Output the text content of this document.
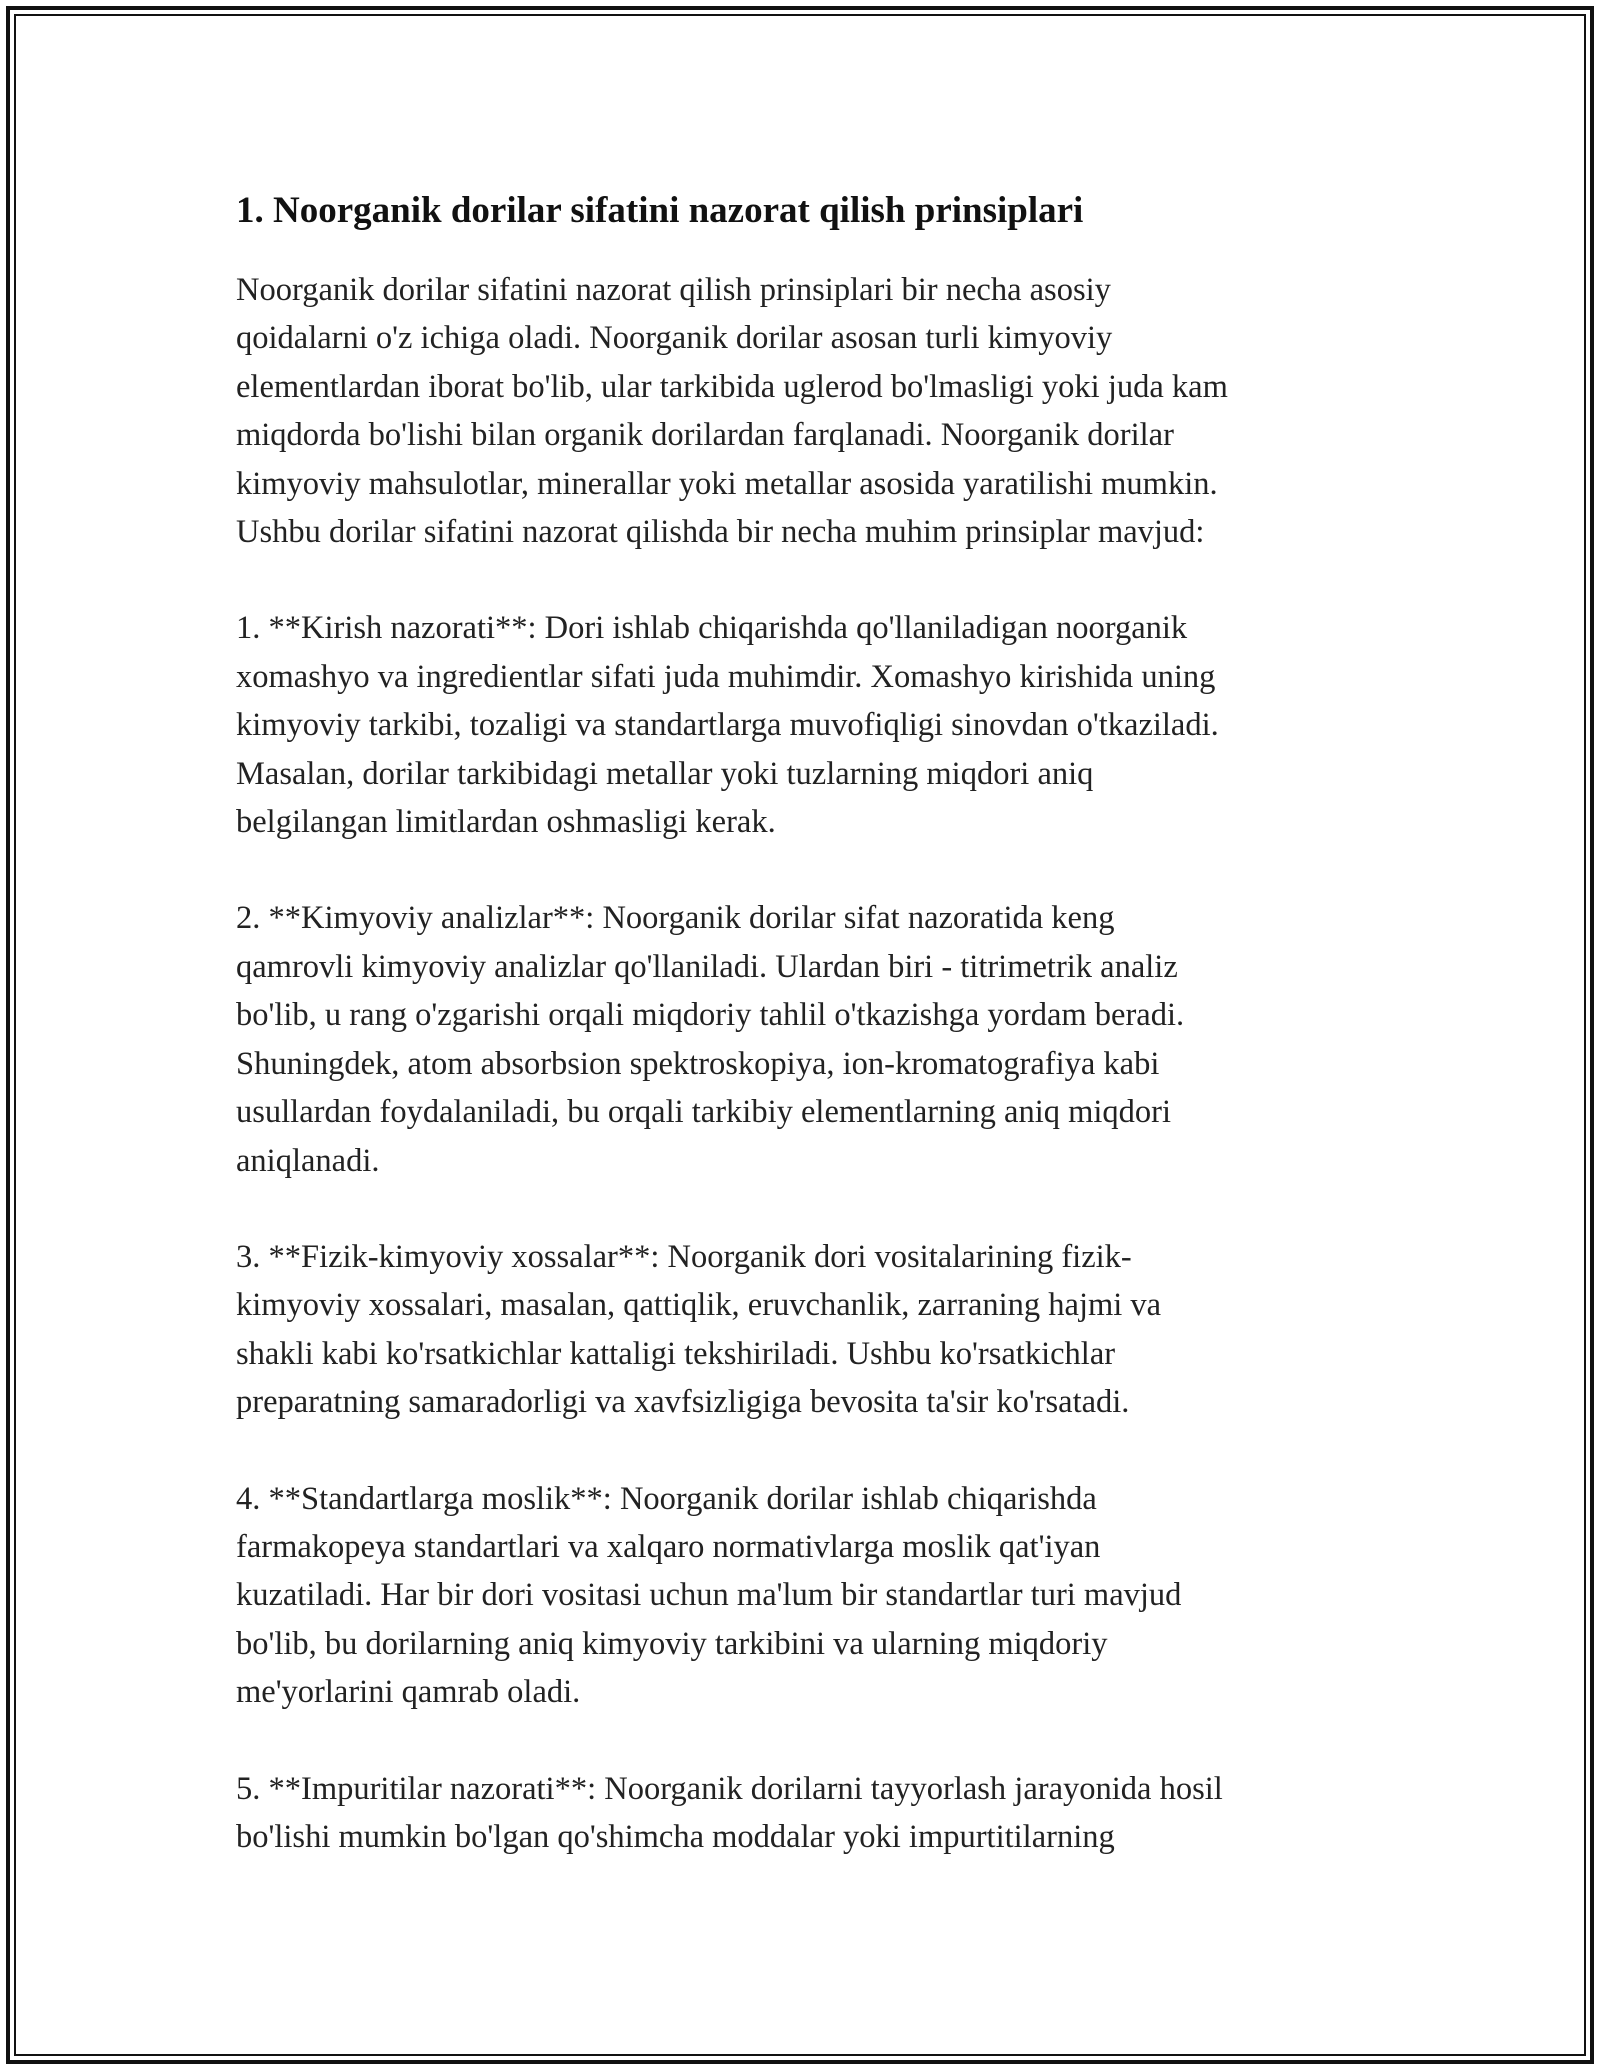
1. Noorganik dorilar sifatini nazorat qilish prinsiplari

Noorganik dorilar sifatini nazorat qilish prinsiplari bir necha asosiy
qoidalarni o'z ichiga oladi. Noorganik dorilar asosan turli kimyoviy
elementlardan iborat bo'lib, ular tarkibida uglerod bo'lmasligi yoki juda kam
miqdorda bo'lishi bilan organik dorilardan farqlanadi. Noorganik dorilar
kimyoviy mahsulotlar, minerallar yoki metallar asosida yaratilishi mumkin.
Ushbu dorilar sifatini nazorat qilishda bir necha muhim prinsiplar mavjud:

1. **Kirish nazorati**: Dori ishlab chiqarishda qo'llaniladigan noorganik
xomashyo va ingredientlar sifati juda muhimdir. Xomashyo kirishida uning
kimyoviy tarkibi, tozaligi va standartlarga muvofiqligi sinovdan o'tkaziladi.
Masalan, dorilar tarkibidagi metallar yoki tuzlarning miqdori aniq
belgilangan limitlardan oshmasligi kerak.

2. **Kimyoviy analizlar**: Noorganik dorilar sifat nazoratida keng
qamrovli kimyoviy analizlar qo'llaniladi. Ulardan biri - titrimetrik analiz
bo'lib, u rang o'zgarishi orqali miqdoriy tahlil o'tkazishga yordam beradi.
Shuningdek, atom absorbsion spektroskopiya, ion-kromatografiya kabi
usullardan foydalaniladi, bu orqali tarkibiy elementlarning aniq miqdori
aniqlanadi.

3. **Fizik-kimyoviy xossalar**: Noorganik dori vositalarining fizik-
kimyoviy xossalari, masalan, qattiqlik, eruvchanlik, zarraning hajmi va
shakli kabi ko'rsatkichlar kattaligi tekshiriladi. Ushbu ko'rsatkichlar
preparatning samaradorligi va xavfsizligiga bevosita ta'sir ko'rsatadi.

4. **Standartlarga moslik**: Noorganik dorilar ishlab chiqarishda
farmakopeya standartlari va xalqaro normativlarga moslik qat'iyan
kuzatiladi. Har bir dori vositasi uchun ma'lum bir standartlar turi mavjud
bo'lib, bu dorilarning aniq kimyoviy tarkibini va ularning miqdoriy
me'yorlarini qamrab oladi.

5. **Impuritilar nazorati**: Noorganik dorilarni tayyorlash jarayonida hosil
bo'lishi mumkin bo'lgan qo'shimcha moddalar yoki impurtitilarning
